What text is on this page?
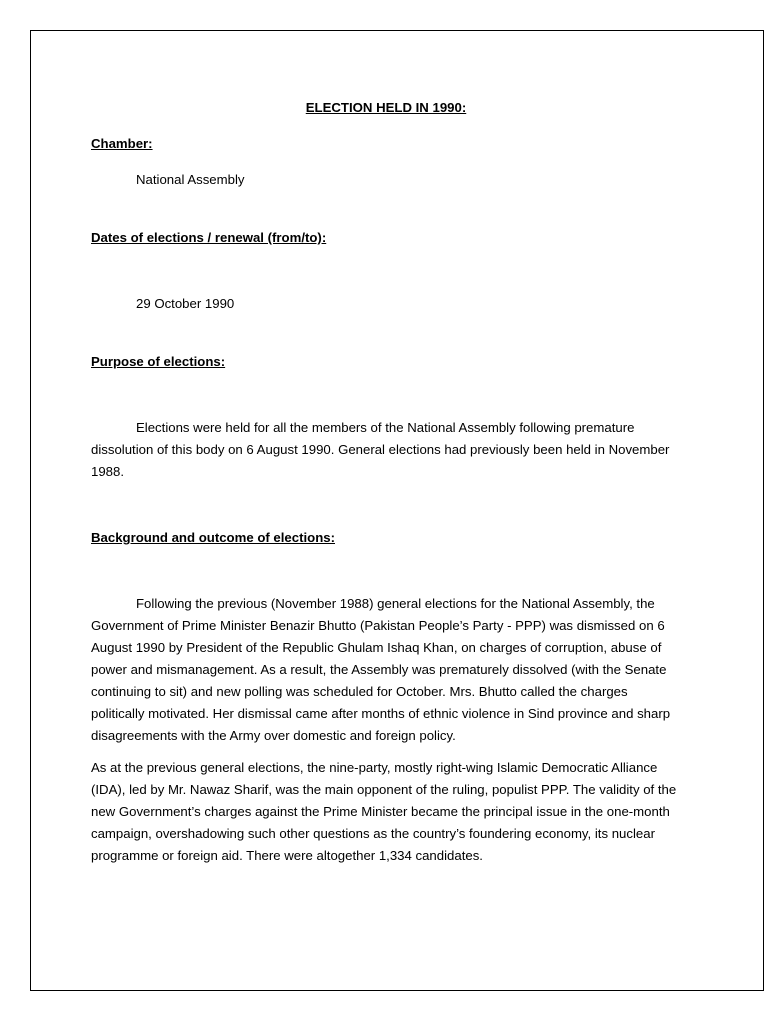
ELECTION HELD IN 1990:

Chamber:

National Assembly

Dates of elections / renewal (from/to):

29 October 1990

Purpose of elections:

Elections were held for all the members of the National Assembly following premature dissolution of this body on 6 August 1990. General elections had previously been held in November 1988.

Background and outcome of elections:

Following the previous (November 1988) general elections for the National Assembly, the Government of Prime Minister Benazir Bhutto (Pakistan People’s Party - PPP) was dismissed on 6 August 1990 by President of the Republic Ghulam Ishaq Khan, on charges of corruption, abuse of power and mismanagement. As a result, the Assembly was prematurely dissolved (with the Senate continuing to sit) and new polling was scheduled for October. Mrs. Bhutto called the charges politically motivated. Her dismissal came after months of ethnic violence in Sind province and sharp disagreements with the Army over domestic and foreign policy.

As at the previous general elections, the nine-party, mostly right-wing Islamic Democratic Alliance (IDA), led by Mr. Nawaz Sharif, was the main opponent of the ruling, populist PPP. The validity of the new Government’s charges against the Prime Minister became the principal issue in the one-month campaign, overshadowing such other questions as the country’s foundering economy, its nuclear programme or foreign aid. There were altogether 1,334 candidates.
